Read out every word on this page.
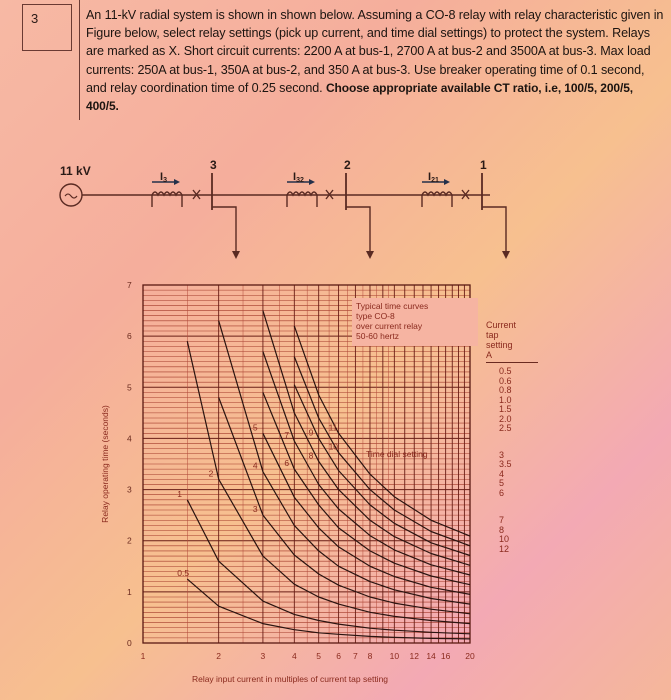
3	An 11-kV radial system is shown in shown below. Assuming a CO-8 relay with relay characteristic given in Figure below, select relay settings (pick up current, and time dial settings) to protect the system. Relays are marked as X. Short circuit currents: 2200 A at bus-1, 2700 A at bus-2 and 3500A at bus-3. Max load currents: 250A at bus-1, 350A at bus-2, and 350 A at bus-3. Use breaker operating time of 0.1 second, and relay coordination time of 0.25 second. Choose appropriate available CT ratio, i.e, 100/5, 200/5, 400/5.
11 kV	3	2	1
I3	I32	I21
0
1
2
3
4
5
6
7
1	2	3	4 5 6 7 8 10 12 14 16 20
0.5
1
2
3
4
5
6
7
8
9
10
11
Typical time curves
type CO-8
over current relay
50-60 hertz
Time dial setting
Relay input current in multiples of current tap setting
Relay operating time (seconds)
Current
tap
setting
A
0.5
0.6
0.8
1.0
1.5
2.0
2.5
3
3.5
4
5
6
7
8
10
12
